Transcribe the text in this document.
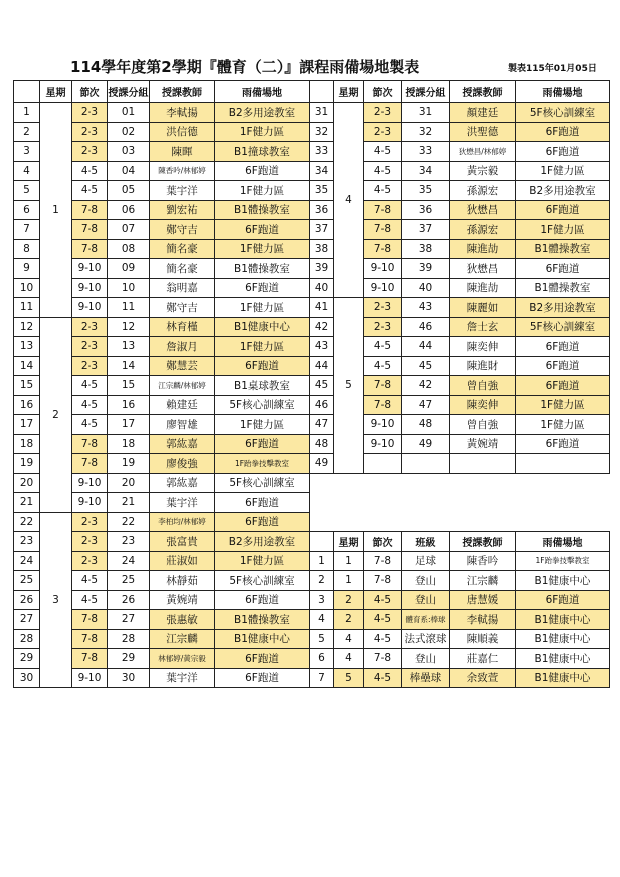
114學年度第2學期『體育（二）』課程雨備場地製表	製表115年01月05日
	星期	節次	授課分組	授課教師	雨備場地		星期	節次	授課分組	授課教師	雨備場地	
1	1	2-3	01	李軾揚	B2多用途教室	31	4	2-3	31	顏建廷	5F核心訓練室	
2		2-3	02	洪信德	1F健力區	32		2-3	32	洪聖德	6F跑道	
3		2-3	03	陳暉	B1撞球教室	33		4-5	33	狄懋昌/林郁婷	6F跑道	
4		4-5	04	陳香吟/林郁婷	6F跑道	34		4-5	34	黃宗毅	1F健力區	
5		4-5	05	葉宇洋	1F健力區	35		4-5	35	孫源宏	B2多用途教室	
6		7-8	06	劉宏祐	B1體操教室	36		7-8	36	狄懋昌	6F跑道	
7		7-8	07	鄭守吉	6F跑道	37		7-8	37	孫源宏	1F健力區	
8		7-8	08	簡名豪	1F健力區	38		7-8	38	陳進劼	B1體操教室	
9		9-10	09	簡名豪	B1體操教室	39		9-10	39	狄懋昌	6F跑道	
10		9-10	10	翁明嘉	6F跑道	40		9-10	40	陳進劼	B1體操教室	
11		9-10	11	鄭守吉	1F健力區	41	5	2-3	43	陳麗如	B2多用途教室	
12	2	2-3	12	林育槿	B1健康中心	42		2-3	46	詹士玄	5F核心訓練室	
13		2-3	13	詹淑月	1F健力區	43		4-5	44	陳奕伸	6F跑道	
14		2-3	14	鄭慧芸	6F跑道	44		4-5	45	陳進財	6F跑道	
15		4-5	15	江宗麟/林郁婷	B1桌球教室	45		7-8	42	曾自強	6F跑道	
16		4-5	16	賴建廷	5F核心訓練室	46		7-8	47	陳奕伸	1F健力區	
17		4-5	17	廖智雄	1F健力區	47		9-10	48	曾自強	1F健力區	
18		7-8	18	郭紘嘉	6F跑道	48		9-10	49	黃婉靖	6F跑道	
19		7-8	19	廖俊強	1F跆拳技擊教室	49						
20		9-10	20	郭紘嘉	5F核心訓練室							
21		9-10	21	葉宇洋	6F跑道							
22	3	2-3	22	李柏均/林郁婷	6F跑道							
23		2-3	23	張富貴	B2多用途教室		星期	節次	班級	授課教師	雨備場地	
24		2-3	24	莊淑如	1F健力區	1	1	7-8	足球	陳香吟	1F跆拳技擊教室	
25		4-5	25	林靜茹	5F核心訓練室	2	1	7-8	登山	江宗麟	B1健康中心	
26		4-5	26	黃婉靖	6F跑道	3	2	4-5	登山	唐慧媛	6F跑道	
27		7-8	27	張惠敏	B1體操教室	4	2	4-5	體育系:棒球	李軾揚	B1健康中心	
28		7-8	28	江宗麟	B1健康中心	5	4	4-5	法式滾球	陳順義	B1健康中心	
29		7-8	29	林郁婷/黃宗毅	6F跑道	6	4	7-8	登山	莊嘉仁	B1健康中心	
30		9-10	30	葉宇洋	6F跑道	7	5	4-5	棒壘球	余致萱	B1健康中心	
